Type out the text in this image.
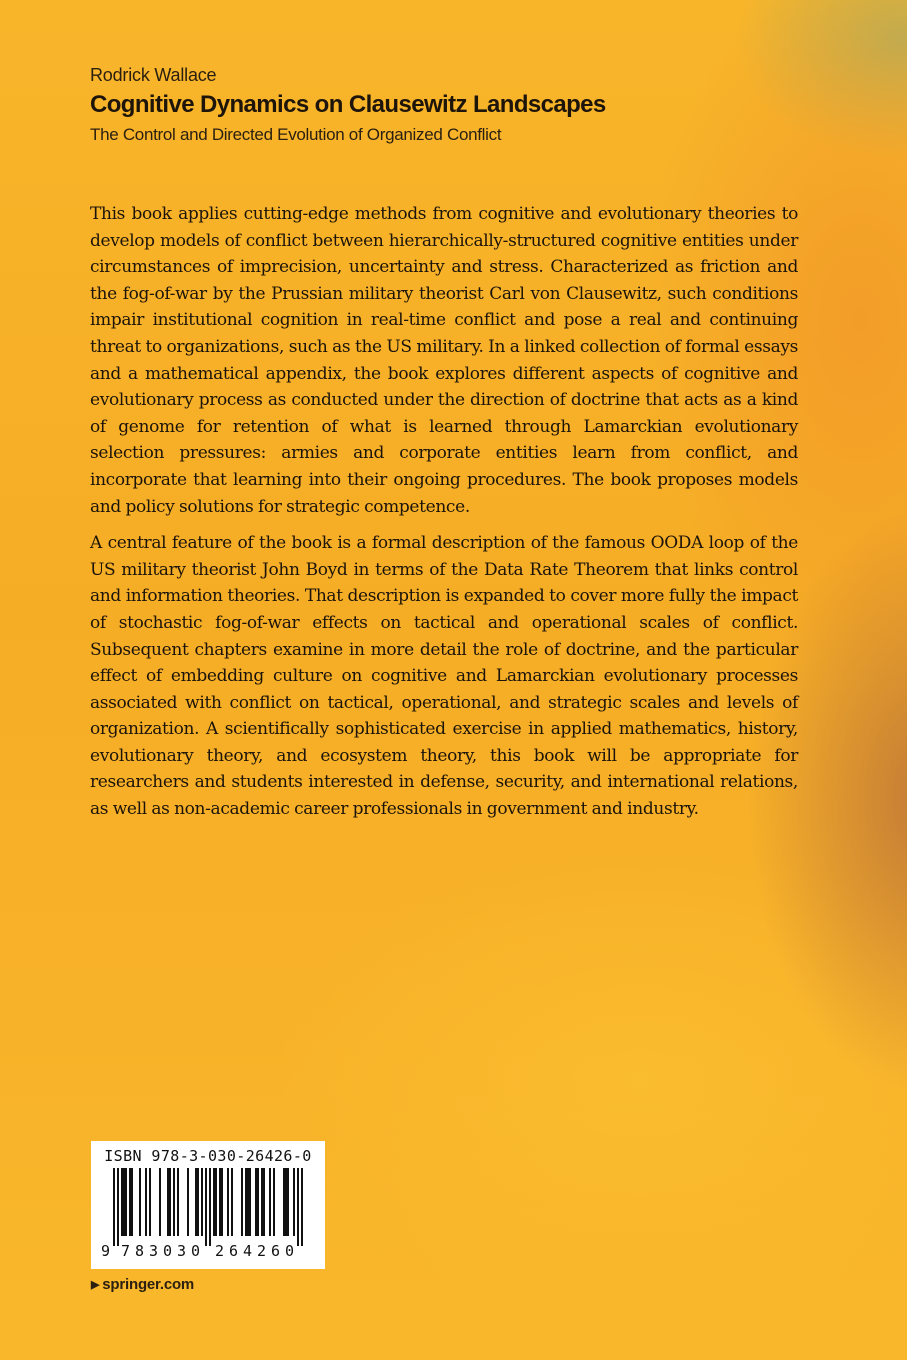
Rodrick Wallace
Cognitive Dynamics on Clausewitz Landscapes
The Control and Directed Evolution of Organized Conflict

This book applies cutting-edge methods from cognitive and evolutionary theories to develop models of conflict between hierarchically-structured cognitive entities under circumstances of imprecision, uncertainty and stress. Characterized as friction and the fog-of-war by the Prussian military theorist Carl von Clausewitz, such conditions impair institutional cognition in real-time conflict and pose a real and continuing threat to organizations, such as the US military. In a linked collection of formal essays and a mathematical appendix, the book explores different aspects of cognitive and evolutionary process as conducted under the direction of doctrine that acts as a kind of genome for retention of what is learned through Lamarckian evolutionary selection pressures: armies and corporate entities learn from conflict, and incorporate that learning into their ongoing procedures. The book proposes models and policy solutions for strategic competence.

A central feature of the book is a formal description of the famous OODA loop of the US military theorist John Boyd in terms of the Data Rate Theorem that links control and information theories. That description is expanded to cover more fully the impact of stochastic fog-of-war effects on tactical and operational scales of conflict. Subsequent chapters examine in more detail the role of doctrine, and the particular effect of embedding culture on cognitive and Lamarckian evolutionary processes associated with conflict on tactical, operational, and strategic scales and levels of organization. A scientifically sophisticated exercise in applied mathematics, history, evolutionary theory, and ecosystem theory, this book will be appropriate for researchers and students interested in defense, security, and international relations, as well as non-academic career professionals in government and industry.

ISBN 978-3-030-26426-0
9 7 8 3 0 3 0 2 6 4 2 6 0
▶ springer.com
